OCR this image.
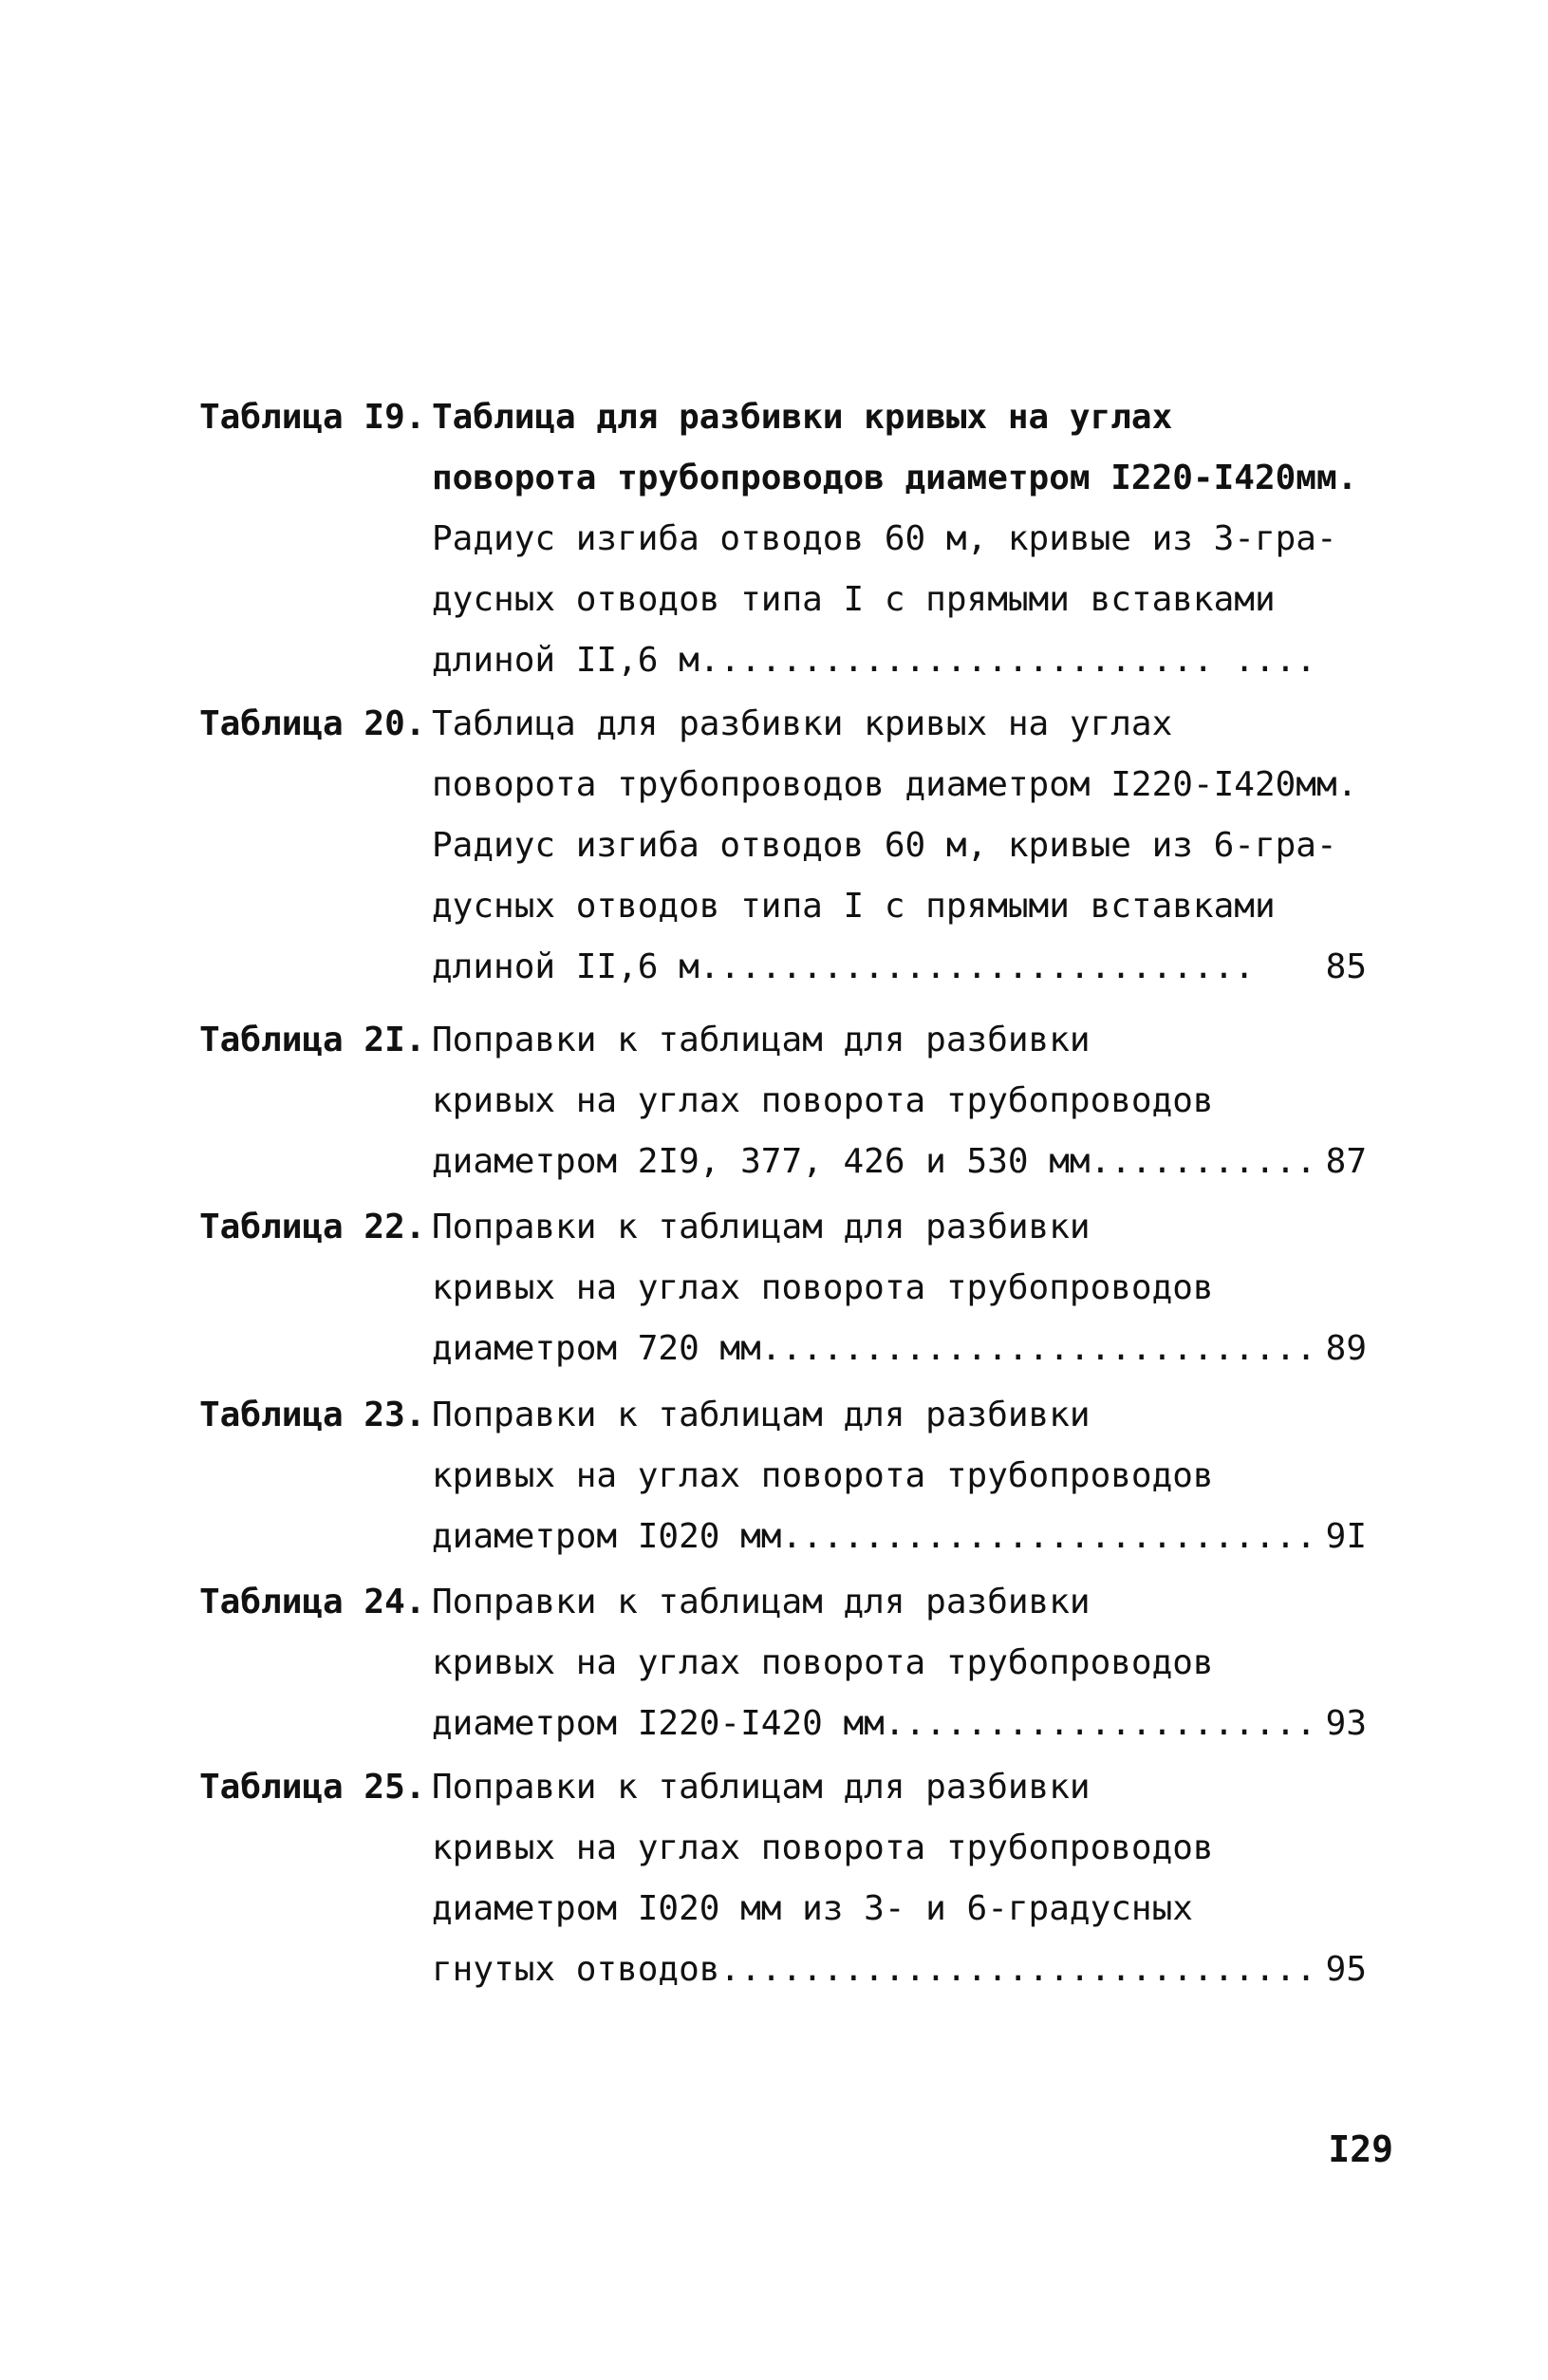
Таблица I9. Таблица для разбивки кривых на углах
поворота трубопроводов диаметром I220-I420мм.
Радиус изгиба отводов 60 м, кривые из 3-гра-
дусных отводов типа I с прямыми вставками
длиной II,6 м......................... ....
Таблица 20. Таблица для разбивки кривых на углах
поворота трубопроводов диаметром I220-I420мм.
Радиус изгиба отводов 60 м, кривые из 6-гра-
дусных отводов типа I с прямыми вставками
длиной II,6 м...........................	85
Таблица 2I. Поправки к таблицам для разбивки
кривых на углах поворота трубопроводов
диаметром 2I9, 377, 426 и 530 мм........... 87
Таблица 22. Поправки к таблицам для разбивки
кривых на углах поворота трубопроводов
диаметром 720 мм........................... 89
Таблица 23. Поправки к таблицам для разбивки
кривых на углах поворота трубопроводов
диаметром I020 мм.......................... 9I
Таблица 24. Поправки к таблицам для разбивки
кривых на углах поворота трубопроводов
диаметром I220-I420 мм..................... 93
Таблица 25. Поправки к таблицам для разбивки
кривых на углах поворота трубопроводов
диаметром I020 мм из 3- и 6-градусных
гнутых отводов............................. 95
I29
